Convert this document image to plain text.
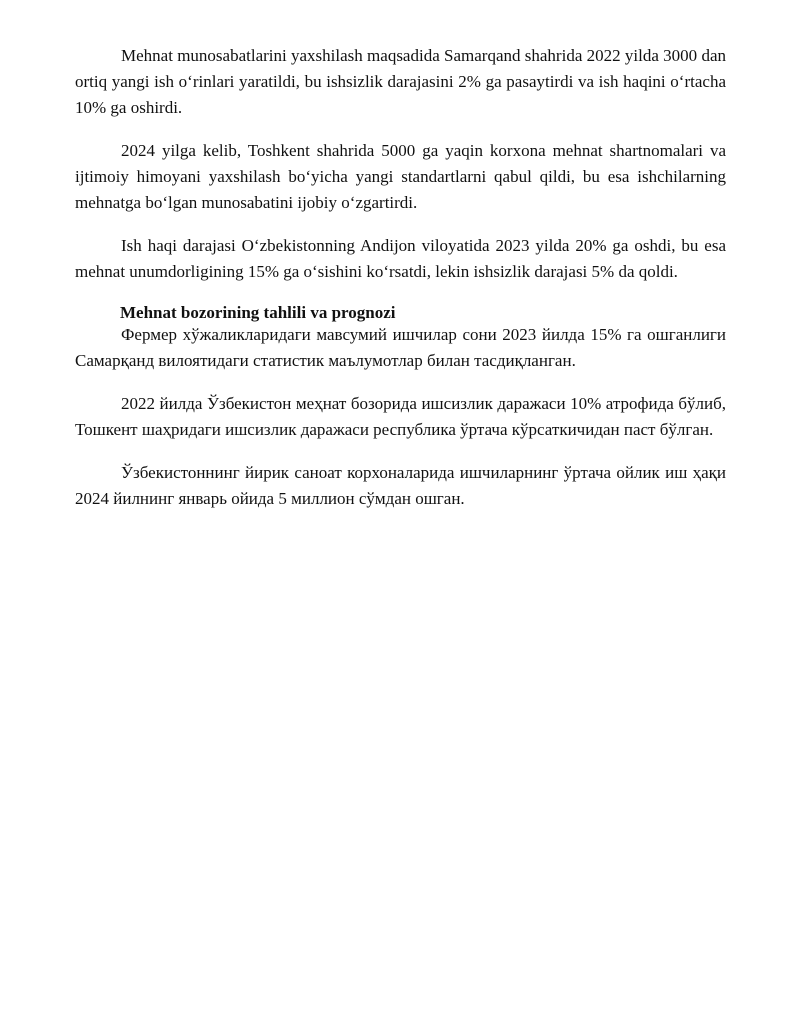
Mehnat munosabatlarini yaxshilash maqsadida Samarqand shahrida 2022 yilda 3000 dan ortiq yangi ish o‘rinlari yaratildi, bu ishsizlik darajasini 2% ga pasaytirdi va ish haqini o‘rtacha 10% ga oshirdi.

2024 yilga kelib, Toshkent shahrida 5000 ga yaqin korxona mehnat shartnomalari va ijtimoiy himoyani yaxshilash bo‘yicha yangi standartlarni qabul qildi, bu esa ishchilarning mehnatga bo‘lgan munosabatini ijobiy o‘zgartirdi.

Ish haqi darajasi O‘zbekistonning Andijon viloyatida 2023 yilda 20% ga oshdi, bu esa mehnat unumdorligining 15% ga o‘sishini ko‘rsatdi, lekin ishsizlik darajasi 5% da qoldi.

Mehnat bozorining tahlili va prognozi

Фермер хўжаликларидаги мавсумий ишчилар сони 2023 йилда 15% га ошганлиги Самарқанд вилоятидаги статистик маълумотлар билан тасдиқланган.

2022 йилда Ўзбекистон меҳнат бозорида ишсизлик даражаси 10% атрофида бўлиб, Тошкент шаҳридаги ишсизлик даражаси республика ўртача кўрсаткичидан паст бўлган.

Ўзбекистоннинг йирик саноат корхоналарида ишчиларнинг ўртача ойлик иш ҳақи 2024 йилнинг январь ойида 5 миллион сўмдан ошган.
